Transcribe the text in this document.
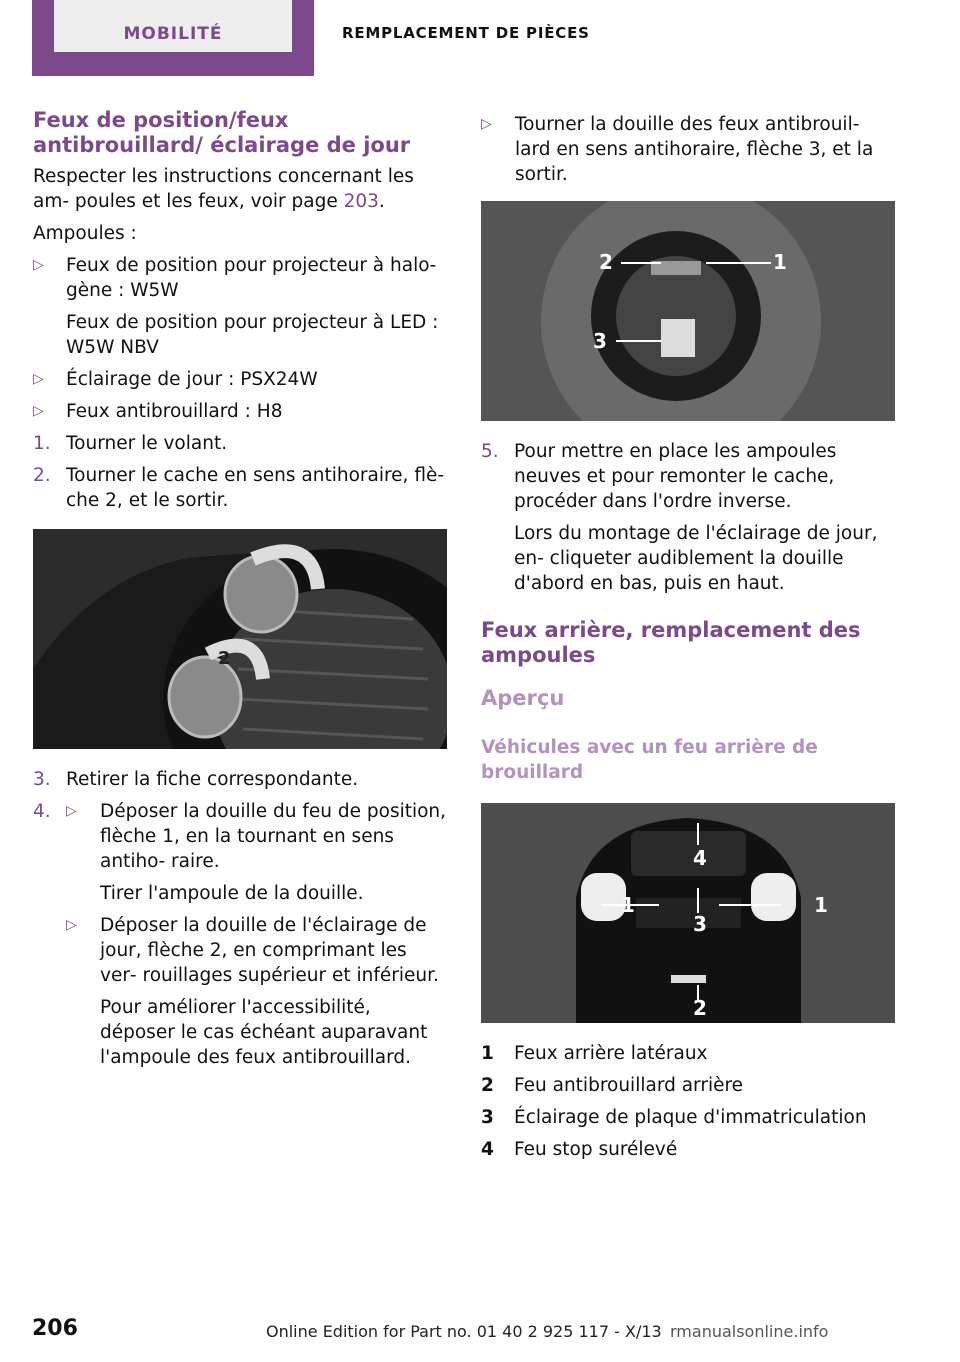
MOBILITÉ	REMPLACEMENT DE PIÈCES
Feux de position/feux antibrouillard/ éclairage de jour

Respecter les instructions concernant les am‐ poules et les feux, voir page 203.

Ampoules :

▷ Feux de position pour projecteur à halo‐ gène : W5W

Feux de position pour projecteur à LED : W5W NBV

▷ Éclairage de jour : PSX24W

▷ Feux antibrouillard : H8

1. Tourner le volant.

2. Tourner le cache en sens antihoraire, flè‐ che 2, et le sortir.

2
3. Retirer la fiche correspondante.

4. ▷ Déposer la douille du feu de position, flèche 1, en la tournant en sens antiho‐ raire.

Tirer l'ampoule de la douille.

▷ Déposer la douille de l'éclairage de jour, flèche 2, en comprimant les ver‐ rouillages supérieur et inférieur.

Pour améliorer l'accessibilité, déposer le cas échéant auparavant l'ampoule des feux antibrouillard.

▷ Tourner la douille des feux antibrouil‐ lard en sens antihoraire, flèche 3, et la sortir.

2	1
3
5. Pour mettre en place les ampoules neuves et pour remonter le cache, procéder dans l'ordre inverse.

Lors du montage de l'éclairage de jour, en‐ cliqueter audiblement la douille d'abord en bas, puis en haut.

Feux arrière, remplacement des ampoules
Aperçu
Véhicules avec un feu arrière de brouillard
4
1	1
3
2
1	Feux arrière latéraux
2	Feu antibrouillard arrière
3	Éclairage de plaque d'immatriculation
4	Feu stop surélevé
206	Online Edition for Part no. 01 40 2 925 117 - X/13 rmanualsonline.info
